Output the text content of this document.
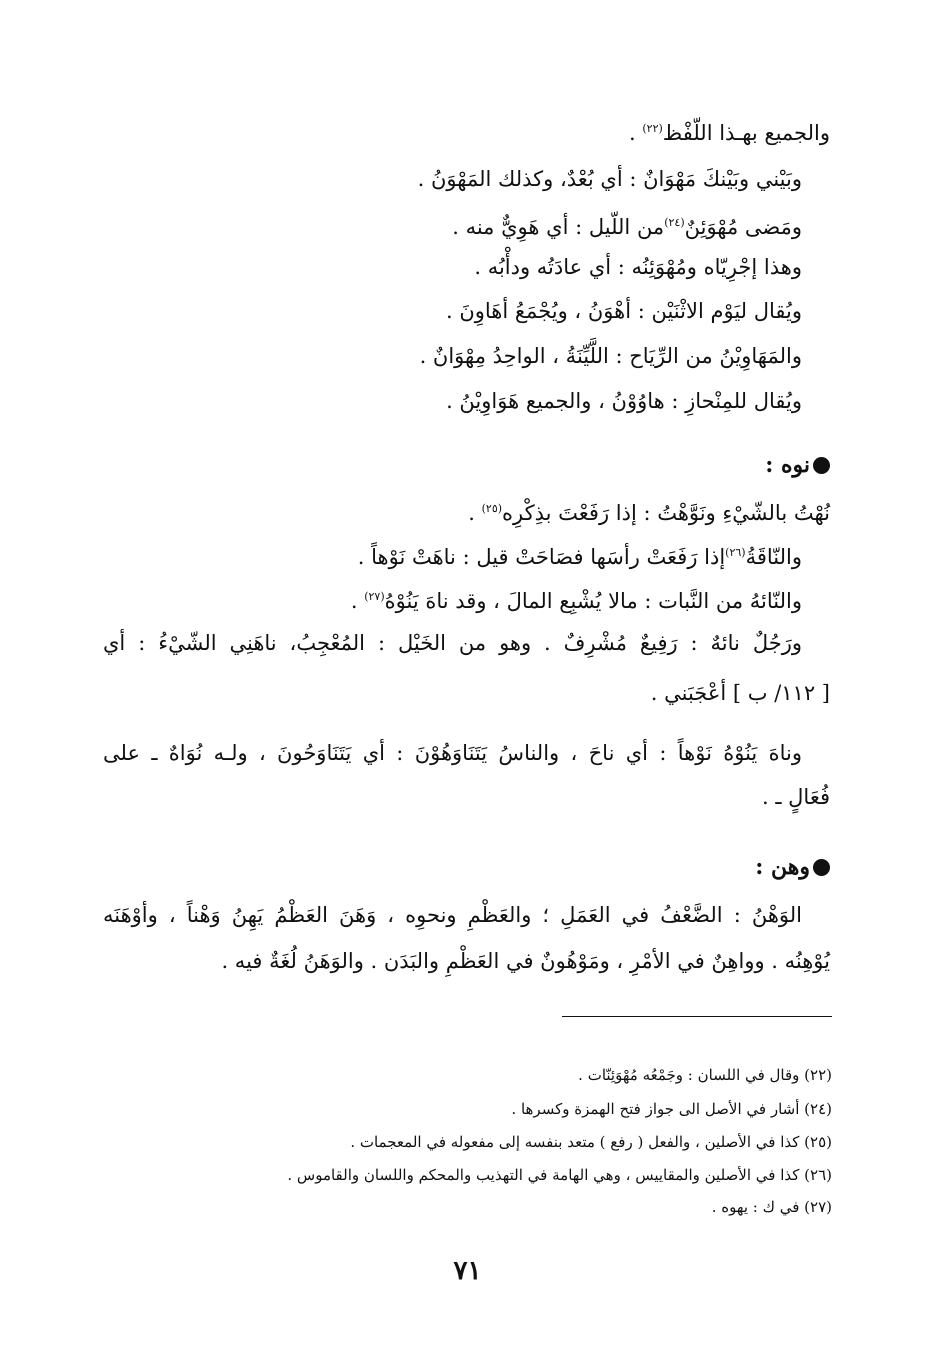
والجميع بهـذا اللّفْظ$^{(٢٢)}$ .
وبَيْني وبَيْنكَ مَهْوَانٌ : أي بُعْدٌ، وكذلك المَهْوَنُ .
ومَضى مُهْوَئِنٌ$^{(٢٤)}$من اللّيل : أي هَوِيٌّ منه .
وهذا إجْرِيّاه ومُهْوَئِنُه : أي عادَتُه ودأْبُه .
ويُقال ليَوْم الاثْنَيْن : أهْوَنُ ، ويُجْمَعُ أهَاوِنَ .
والمَهَاوِيْنُ من الرِّيَاح : اللَّيِّنَةُ ، الواحِدُ مِهْوَانٌ .
ويُقال للمِنْحازِ : هاوُوْنُ ، والجميع هَوَاوِيْنُ .
نوه :
نُهْتُ بالشّيْءِ ونَوَّهْتُ : إذا رَفَعْتَ بذِكْرِه$^{(٢٥)}$ .
والنّاقَةُ$^{(٢٦)}$إذا رَفَعَتْ رأسَها فصَاحَتْ قيل : ناهَتْ نَوْهاً .
والنّائهُ من النَّبات : مالا يُشْبِع المالَ ، وقد ناهَ يَنُوْهُ$^{(٢٧)}$ .
ورَجُلٌ نائهٌ : رَفِيعٌ مُشْرِفٌ . وهو من الخَيْل : المُعْجِبُ، ناهَنِي الشّيْءُ : أي
[ ١١٢/ ب ] أعْجَبَني .
وناهَ يَنُوْهُ نَوْهاً : أي ناحَ ، والناسُ يَتَنَاوَهُوْنَ : أي يَتَنَاوَحُونَ ، ولـه نُوَاهٌ ـ على
فُعَالٍ ـ .
وهن :
الوَهْنُ : الضَّعْفُ في العَمَلِ ؛ والعَظْمِ ونحوِه ، وَهَنَ العَظْمُ يَهِنُ وَهْناً ، وأوْهَنَه
يُوْهِنُه . وواهِنٌ في الأمْرِ ، ومَوْهُونٌ في العَظْمِ والبَدَن . والوَهَنُ لُغَةٌ فيه .
(٢٢) وقال في اللسان : وجَمْعُه مُهْوَئِنّات .
(٢٤) أشار في الأصل الى جواز فتح الهمزة وكسرها .
(٢٥) كذا في الأصلين ، والفعل ( رفع ) متعد بنفسه إلى مفعوله في المعجمات .
(٢٦) كذا في الأصلين والمقاييس ، وهي الهامة في التهذيب والمحكم واللسان والقاموس .
(٢٧) في ك : يهوه .
٧١
